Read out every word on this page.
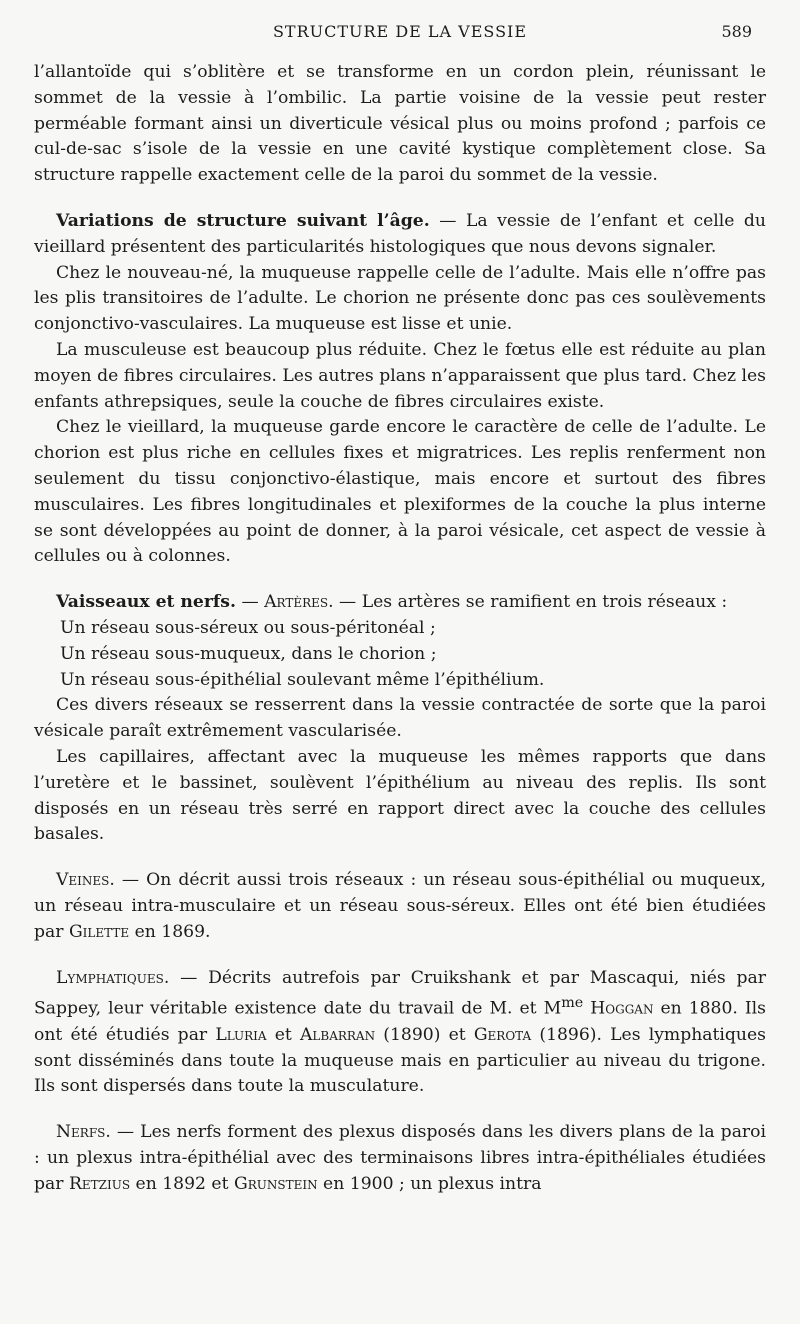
STRUCTURE DE LA VESSIE	589

l’allantoïde qui s’oblitère et se transforme en un cordon plein, réunissant le sommet de la vessie à l’ombilic. La partie voisine de la vessie peut rester perméable formant ainsi un diverticule vésical plus ou moins profond ; parfois ce cul-de-sac s’isole de la vessie en une cavité kystique complètement close. Sa structure rappelle exactement celle de la paroi du sommet de la vessie.

Variations de structure suivant l’âge. — La vessie de l’enfant et celle du vieillard présentent des particularités histologiques que nous devons signaler.

Chez le nouveau-né, la muqueuse rappelle celle de l’adulte. Mais elle n’offre pas les plis transitoires de l’adulte. Le chorion ne présente donc pas ces soulèvements conjonctivo-vasculaires. La muqueuse est lisse et unie.

La musculeuse est beaucoup plus réduite. Chez le fœtus elle est réduite au plan moyen de fibres circulaires. Les autres plans n’apparaissent que plus tard. Chez les enfants athrepsiques, seule la couche de fibres circulaires existe.

Chez le vieillard, la muqueuse garde encore le caractère de celle de l’adulte. Le chorion est plus riche en cellules fixes et migratrices. Les replis renferment non seulement du tissu conjonctivo-élastique, mais encore et surtout des fibres musculaires. Les fibres longitudinales et plexiformes de la couche la plus interne se sont développées au point de donner, à la paroi vésicale, cet aspect de vessie à cellules ou à colonnes.

Vaisseaux et nerfs. — Artères. — Les artères se ramifient en trois réseaux :

Un réseau sous-séreux ou sous-péritonéal ;

Un réseau sous-muqueux, dans le chorion ;

Un réseau sous-épithélial soulevant même l’épithélium.

Ces divers réseaux se resserrent dans la vessie contractée de sorte que la paroi vésicale paraît extrêmement vascularisée.

Les capillaires, affectant avec la muqueuse les mêmes rapports que dans l’uretère et le bassinet, soulèvent l’épithélium au niveau des replis. Ils sont disposés en un réseau très serré en rapport direct avec la couche des cellules basales.

Veines. — On décrit aussi trois réseaux : un réseau sous-épithélial ou muqueux, un réseau intra-musculaire et un réseau sous-séreux. Elles ont été bien étudiées par Gilette en 1869.

Lymphatiques. — Décrits autrefois par Cruikshank et par Mascaqui, niés par Sappey, leur véritable existence date du travail de M. et $M^{me}$ Hoggan en 1880. Ils ont été étudiés par Lluria et Albarran (1890) et Gerota (1896). Les lymphatiques sont disséminés dans toute la muqueuse mais en particulier au niveau du trigone. Ils sont dispersés dans toute la musculature.

Nerfs. — Les nerfs forment des plexus disposés dans les divers plans de la paroi : un plexus intra-épithélial avec des terminaisons libres intra-épithéliales étudiées par Retzius en 1892 et Grunstein en 1900 ; un plexus intra
